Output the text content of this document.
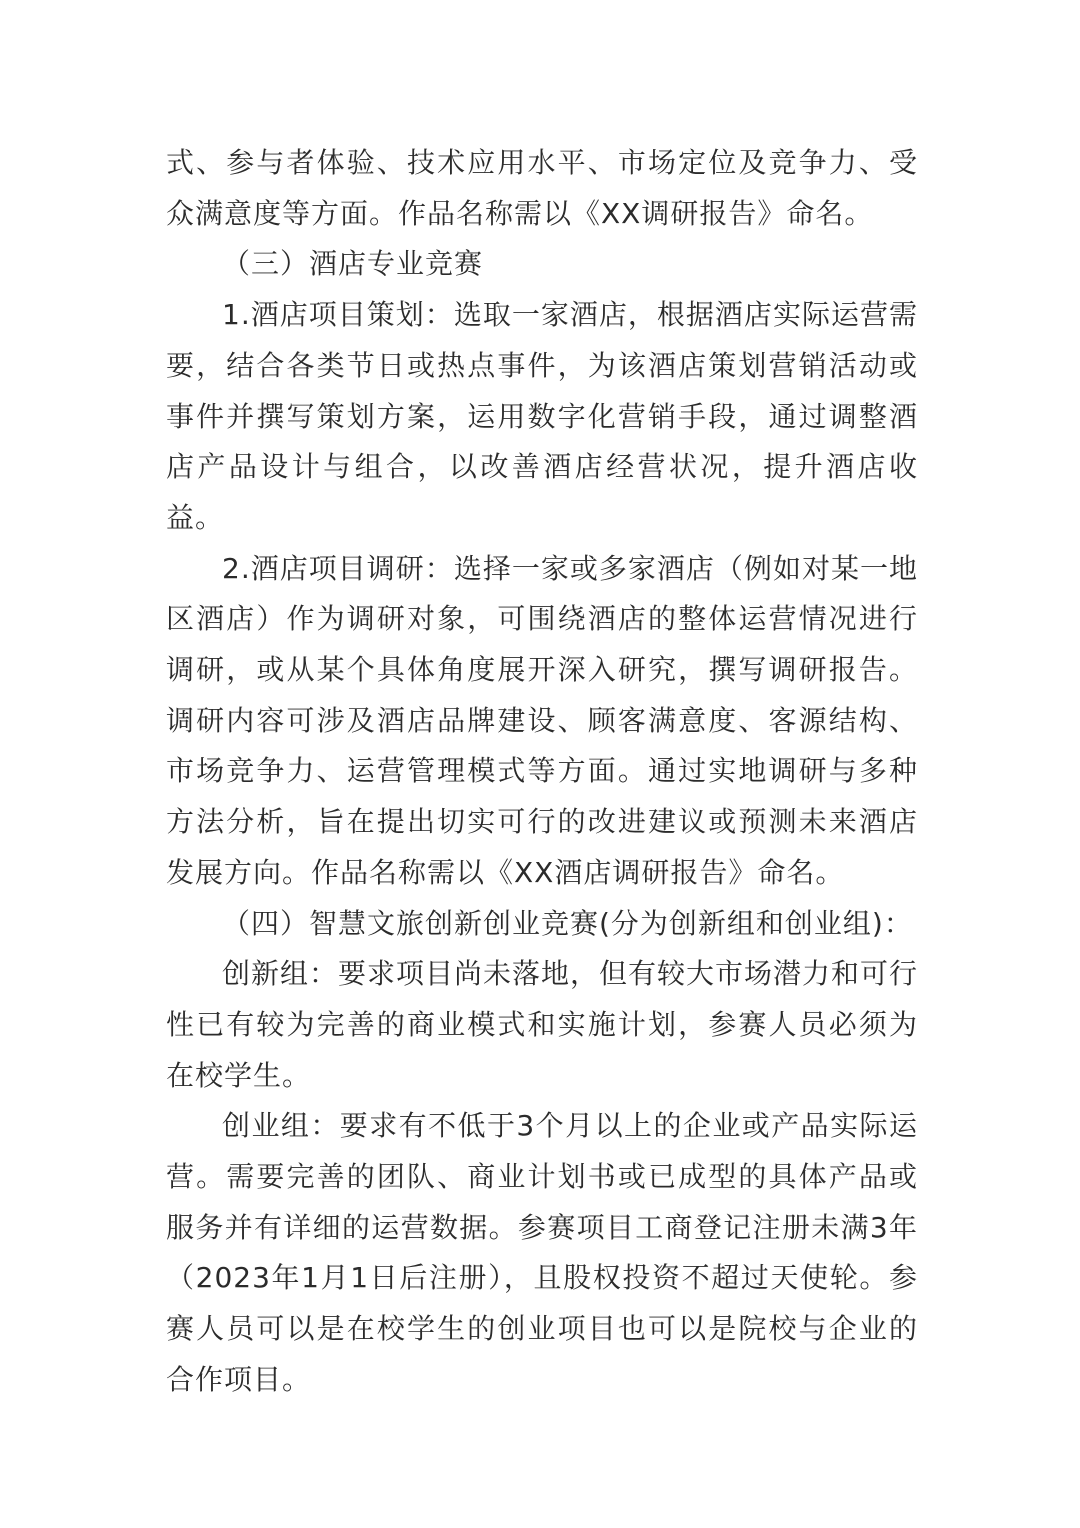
式、参与者体验、技术应用水平、市场定位及竞争力、受众满意度等方面。作品名称需以《XX调研报告》命名。

（三）酒店专业竞赛

1.酒店项目策划：选取一家酒店，根据酒店实际运营需要，结合各类节日或热点事件，为该酒店策划营销活动或事件并撰写策划方案，运用数字化营销手段，通过调整酒店产品设计与组合，以改善酒店经营状况，提升酒店收益。

2.酒店项目调研：选择一家或多家酒店（例如对某一地区酒店）作为调研对象，可围绕酒店的整体运营情况进行调研，或从某个具体角度展开深入研究，撰写调研报告。调研内容可涉及酒店品牌建设、顾客满意度、客源结构、市场竞争力、运营管理模式等方面。通过实地调研与多种方法分析，旨在提出切实可行的改进建议或预测未来酒店发展方向。作品名称需以《XX酒店调研报告》命名。

（四）智慧文旅创新创业竞赛(分为创新组和创业组)：

创新组：要求项目尚未落地，但有较大市场潜力和可行性已有较为完善的商业模式和实施计划，参赛人员必须为在校学生。

创业组：要求有不低于3个月以上的企业或产品实际运营。需要完善的团队、商业计划书或已成型的具体产品或服务并有详细的运营数据。参赛项目工商登记注册未满3年（2023年1月1日后注册），且股权投资不超过天使轮。参赛人员可以是在校学生的创业项目也可以是院校与企业的合作项目。
